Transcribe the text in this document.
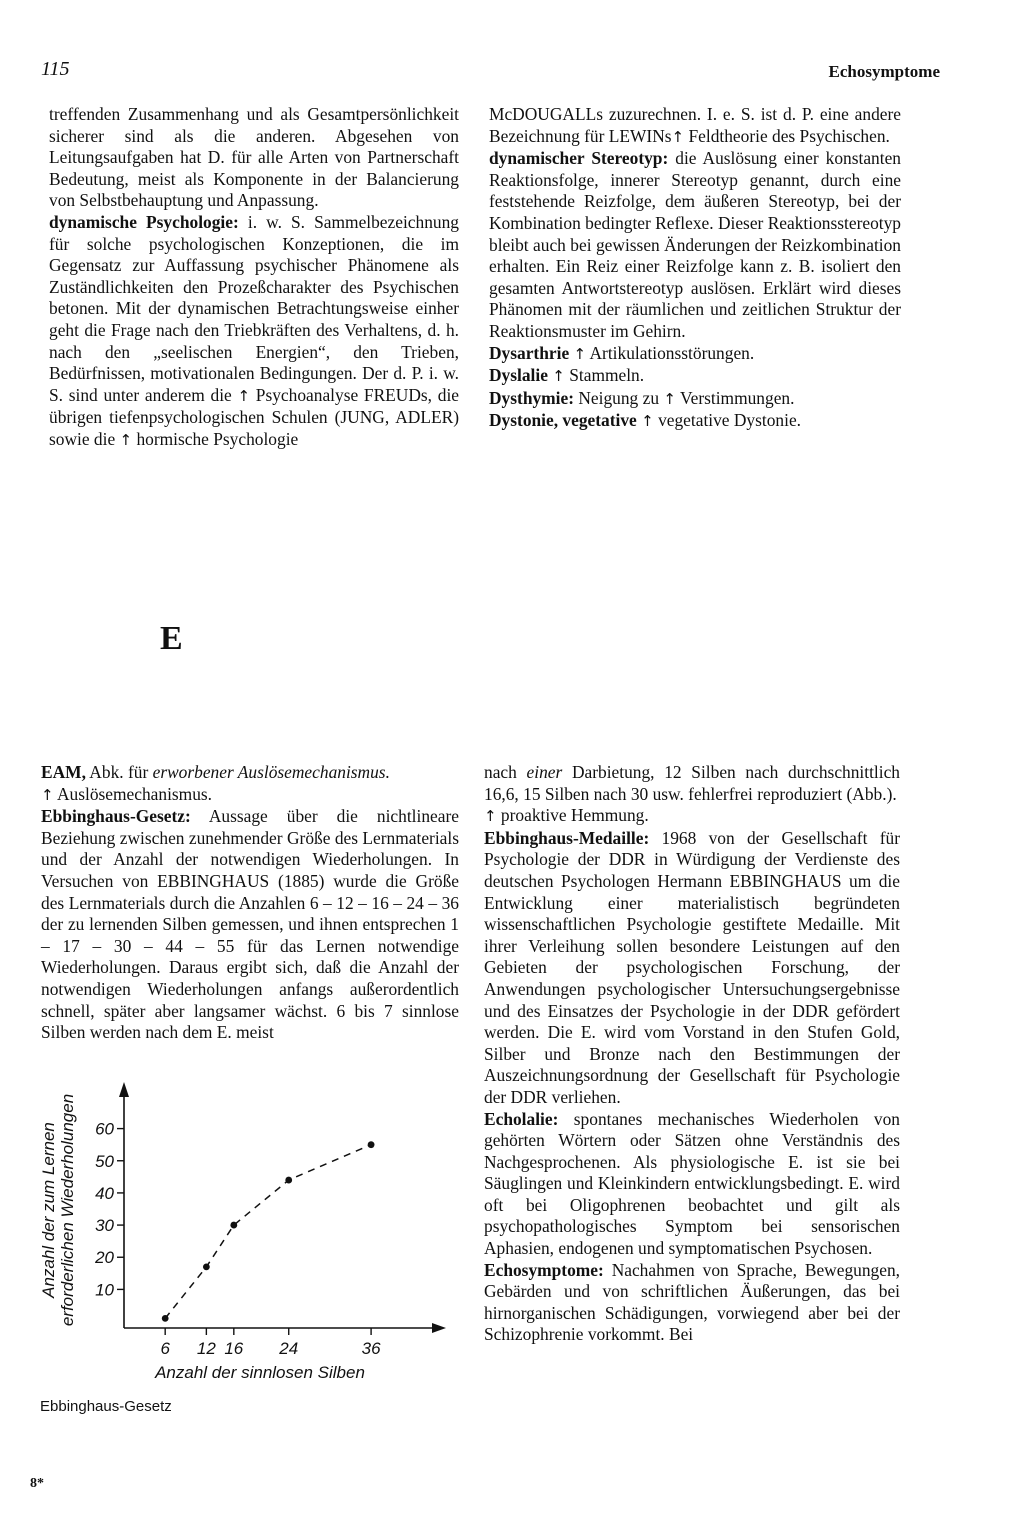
115	Echosymptome

treffenden Zusammenhang und als Gesamtpersönlichkeit sicherer sind als die anderen. Abgesehen von Leitungsaufgaben hat D. für alle Arten von Partnerschaft Bedeutung, meist als Komponente in der Balancierung von Selbstbehauptung und Anpassung.

dynamische Psychologie: i. w. S. Sammelbezeichnung für solche psychologischen Konzeptionen, die im Gegensatz zur Auffassung psychischer Phänomene als Zuständlichkeiten den Prozeßcharakter des Psychischen betonen. Mit der dynamischen Betrachtungsweise einher geht die Frage nach den Triebkräften des Verhaltens, d. h. nach den „seelischen Energien“, den Trieben, Bedürfnissen, motivationalen Bedingungen. Der d. P. i. w. S. sind unter anderem die ↑ Psychoanalyse FREUDs, die übrigen tiefenpsychologischen Schulen (JUNG, ADLER) sowie die ↑ hormische Psychologie

McDOUGALLs zuzurechnen. I. e. S. ist d. P. eine andere Bezeichnung für LEWINs↑ Feldtheorie des Psychischen.

dynamischer Stereotyp: die Auslösung einer konstanten Reaktionsfolge, innerer Stereotyp genannt, durch eine feststehende Reizfolge, dem äußeren Stereotyp, bei der Kombination bedingter Reflexe. Dieser Reaktionsstereotyp bleibt auch bei gewissen Änderungen der Reizkombination erhalten. Ein Reiz einer Reizfolge kann z. B. isoliert den gesamten Antwortstereotyp auslösen. Erklärt wird dieses Phänomen mit der räumlichen und zeitlichen Struktur der Reaktionsmuster im Gehirn.

Dysarthrie ↑ Artikulationsstörungen.

Dyslalie ↑ Stammeln.

Dysthymie: Neigung zu ↑ Verstimmungen.

Dystonie, vegetative ↑ vegetative Dystonie.

E

EAM, Abk. für erworbener Auslösemechanismus.
↑ Auslösemechanismus.

Ebbinghaus-Gesetz: Aussage über die nichtlineare Beziehung zwischen zunehmender Größe des Lernmaterials und der Anzahl der notwendigen Wiederholungen. In Versuchen von EBBINGHAUS (1885) wurde die Größe des Lernmaterials durch die Anzahlen 6 – 12 – 16 – 24 – 36 der zu lernenden Silben gemessen, und ihnen entsprechen 1 – 17 – 30 – 44 – 55 für das Lernen notwendige Wiederholungen. Daraus ergibt sich, daß die Anzahl der notwendigen Wiederholungen anfangs außerordentlich schnell, später aber langsamer wächst. 6 bis 7 sinnlose Silben werden nach dem E. meist

10
20
30
40
50
60
6 12 16 24	36
Anzahl der sinnlosen Silben
Anzahl der zum Lernen erforderlichen Wiederholungen
Ebbinghaus-Gesetz

nach einer Darbietung, 12 Silben nach durchschnittlich 16,6, 15 Silben nach 30 usw. fehlerfrei reproduziert (Abb.).
↑ proaktive Hemmung.

Ebbinghaus-Medaille: 1968 von der Gesellschaft für Psychologie der DDR in Würdigung der Verdienste des deutschen Psychologen Hermann EBBINGHAUS um die Entwicklung einer materialistisch begründeten wissenschaftlichen Psychologie gestiftete Medaille. Mit ihrer Verleihung sollen besondere Leistungen auf den Gebieten der psychologischen Forschung, der Anwendungen psychologischer Untersuchungsergebnisse und des Einsatzes der Psychologie in der DDR gefördert werden. Die E. wird vom Vorstand in den Stufen Gold, Silber und Bronze nach den Bestimmungen der Auszeichnungsordnung der Gesellschaft für Psychologie der DDR verliehen.

Echolalie: spontanes mechanisches Wiederholen von gehörten Wörtern oder Sätzen ohne Verständnis des Nachgesprochenen. Als physiologische E. ist sie bei Säuglingen und Kleinkindern entwicklungsbedingt. E. wird oft bei Oligophrenen beobachtet und gilt als psychopathologisches Symptom bei sensorischen Aphasien, endogenen und symptomatischen Psychosen.

Echosymptome: Nachahmen von Sprache, Bewegungen, Gebärden und von schriftlichen Äußerungen, das bei hirnorganischen Schädigungen, vorwiegend aber bei der Schizophrenie vorkommt. Bei

8*
